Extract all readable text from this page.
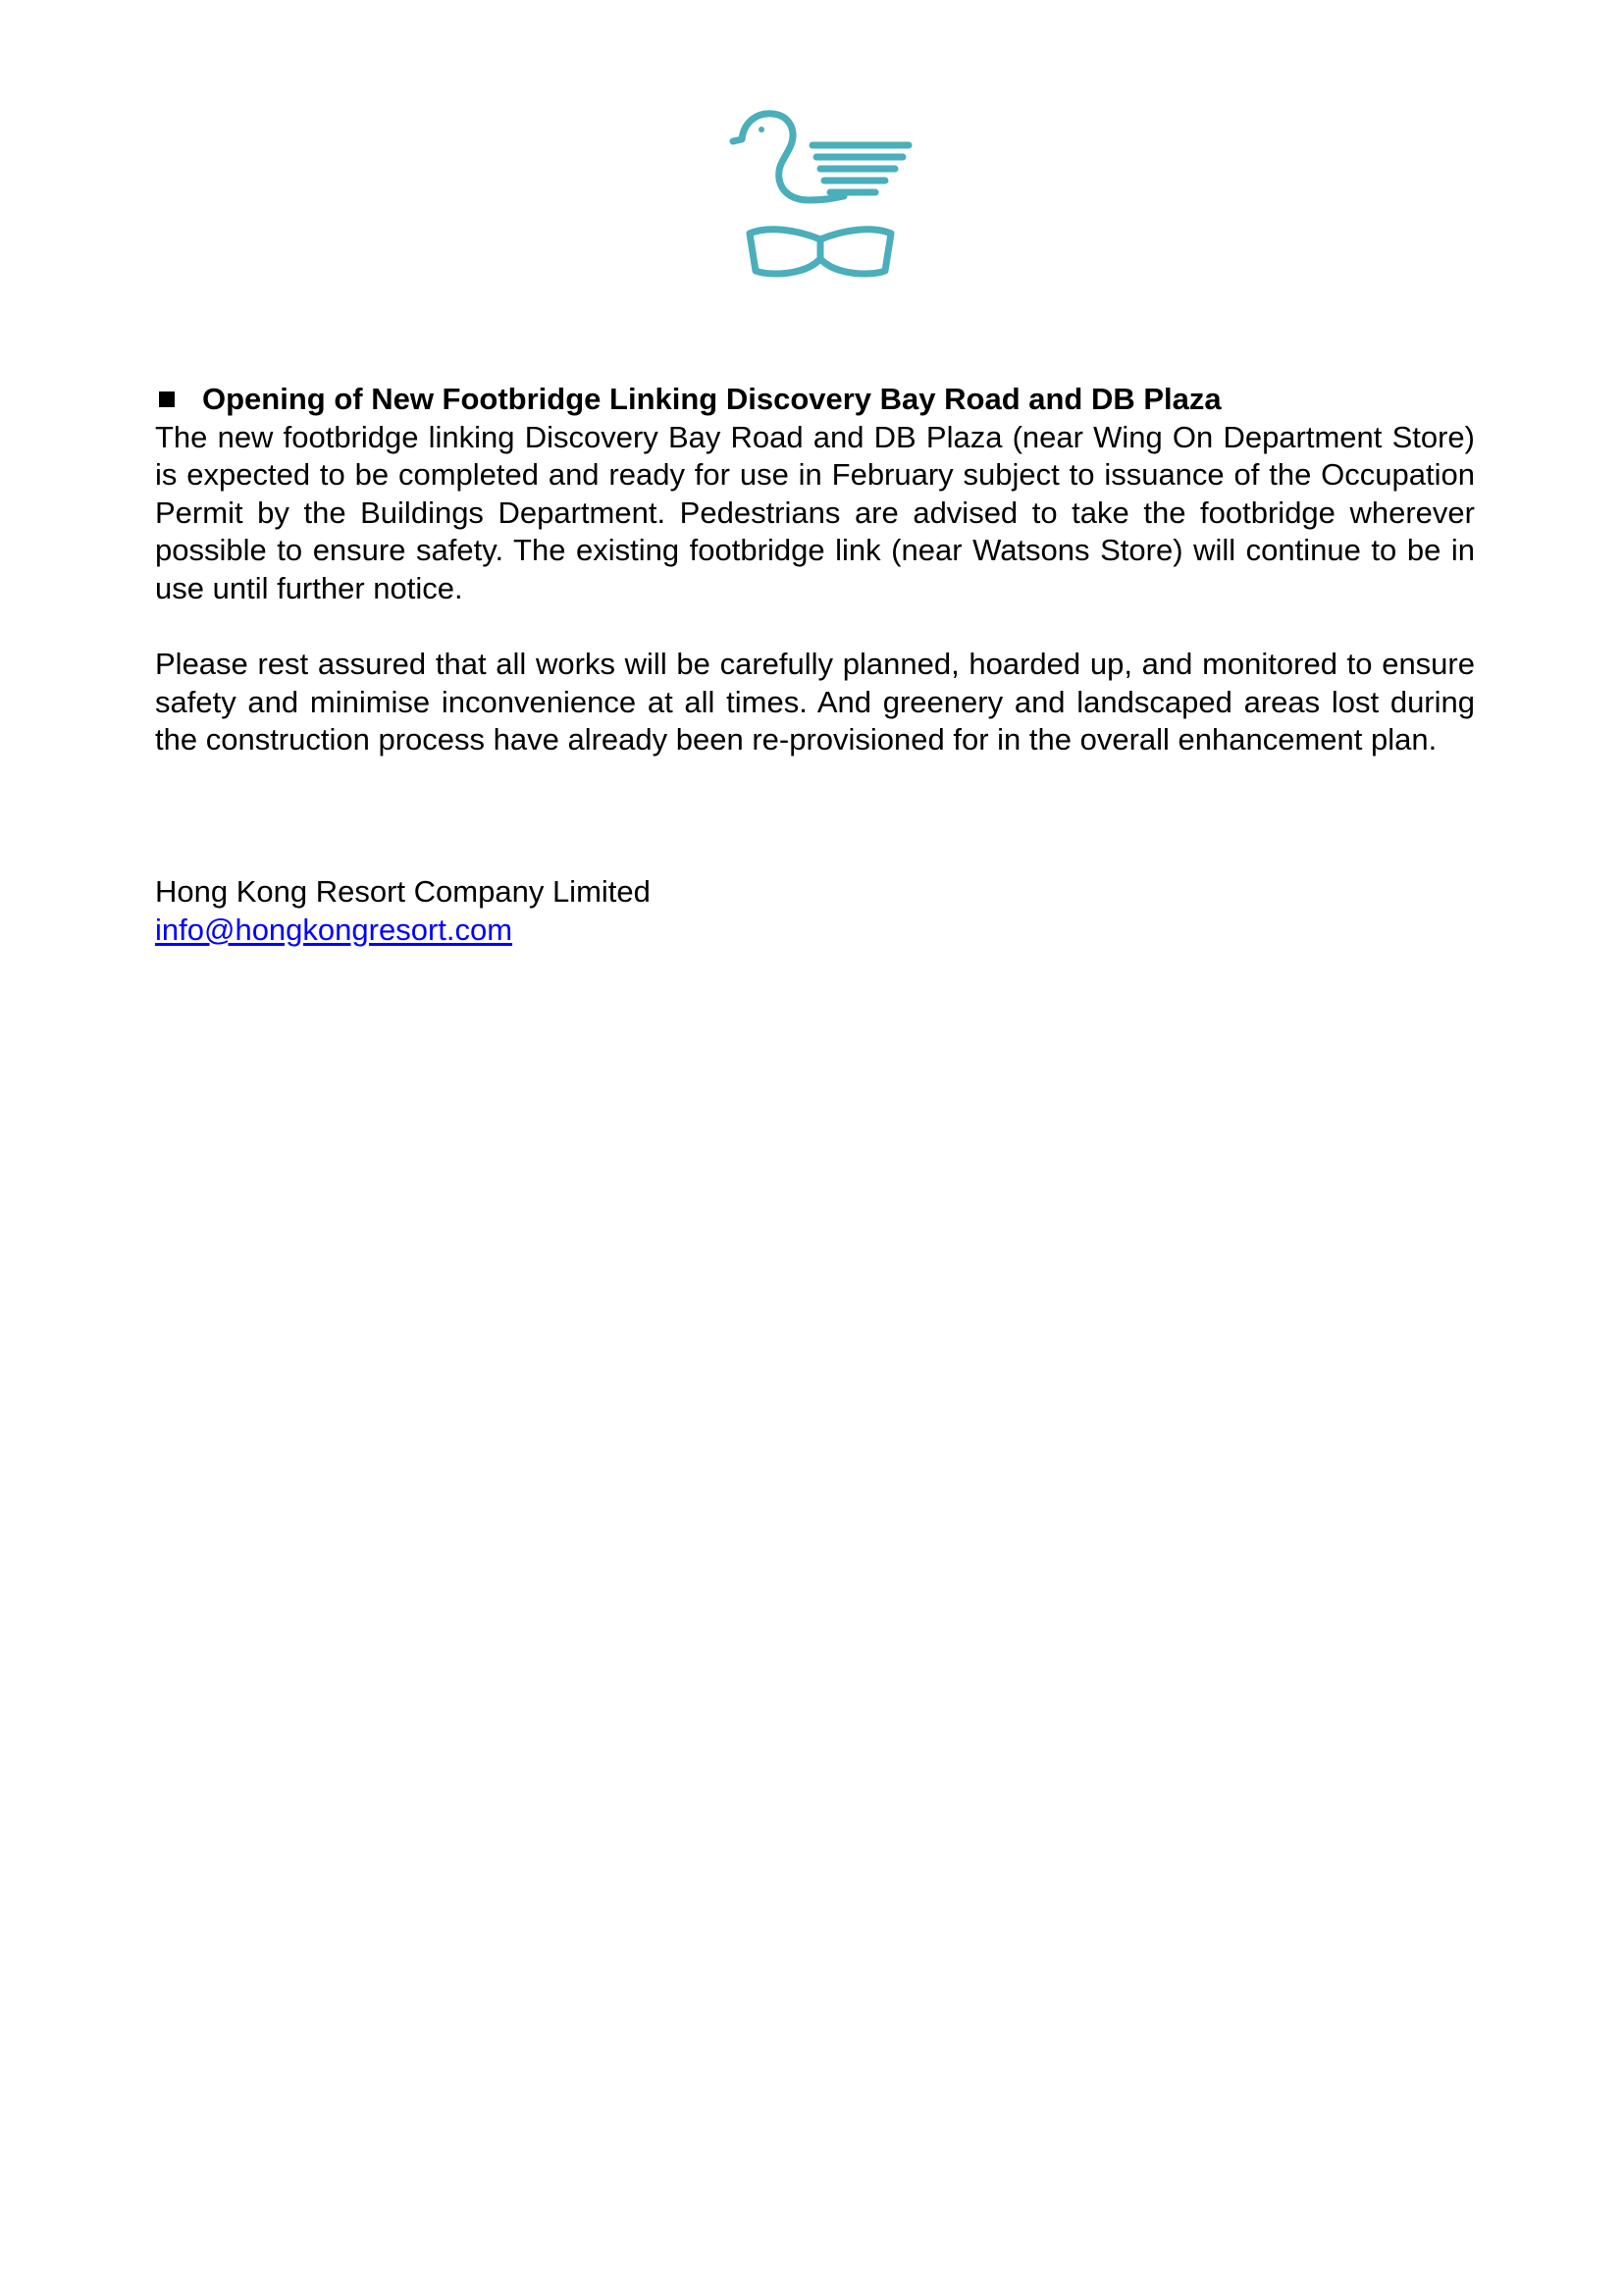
Opening of New Footbridge Linking Discovery Bay Road and DB Plaza

The new footbridge linking Discovery Bay Road and DB Plaza (near Wing On Department Store) is expected to be completed and ready for use in February subject to issuance of the Occupation Permit by the Buildings Department. Pedestrians are advised to take the footbridge wherever possible to ensure safety. The existing footbridge link (near Watsons Store) will continue to be in use until further notice.

Please rest assured that all works will be carefully planned, hoarded up, and monitored to ensure safety and minimise inconvenience at all times. And greenery and landscaped areas lost during the construction process have already been re-provisioned for in the overall enhancement plan.

Hong Kong Resort Company Limited
info@hongkongresort.com
